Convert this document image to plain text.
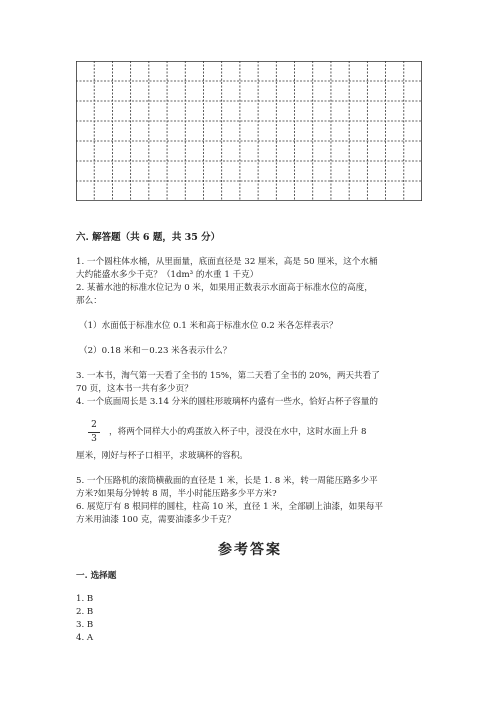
六. 解答题（共 6 题，共 35 分）
1. 一个圆柱体水桶，从里面量，底面直径是 32 厘米，高是 50 厘米，这个水桶
大约能盛水多少千克？（1dm³ 的水重 1 千克）
2. 某蓄水池的标准水位记为 0 米，如果用正数表示水面高于标准水位的高度，
那么：
（1）水面低于标准水位 0.1 米和高于标准水位 0.2 米各怎样表示？
（2）0.18 米和－0.23 米各表示什么？
3. 一本书，淘气第一天看了全书的 15%，第二天看了全书的 20%，两天共看了
70 页，这本书一共有多少页？
4. 一个底面周长是 3.14 分米的圆柱形玻璃杯内盛有一些水，恰好占杯子容量的
2
3
，将两个同样大小的鸡蛋放入杯子中，浸没在水中，这时水面上升 8
厘米，刚好与杯子口相平，求玻璃杯的容积。
5. 一个压路机的滚筒横截面的直径是 1 米，长是 1. 8 米，转一周能压路多少平
方米?如果每分钟转 8 周，半小时能压路多少平方米?
6. 展览厅有 8 根同样的圆柱，柱高 10 米，直径 1 米，全部刷上油漆，如果每平
方米用油漆 100 克，需要油漆多少千克？
参考答案
一. 选择题
1. B
2. B
3. B
4. A
